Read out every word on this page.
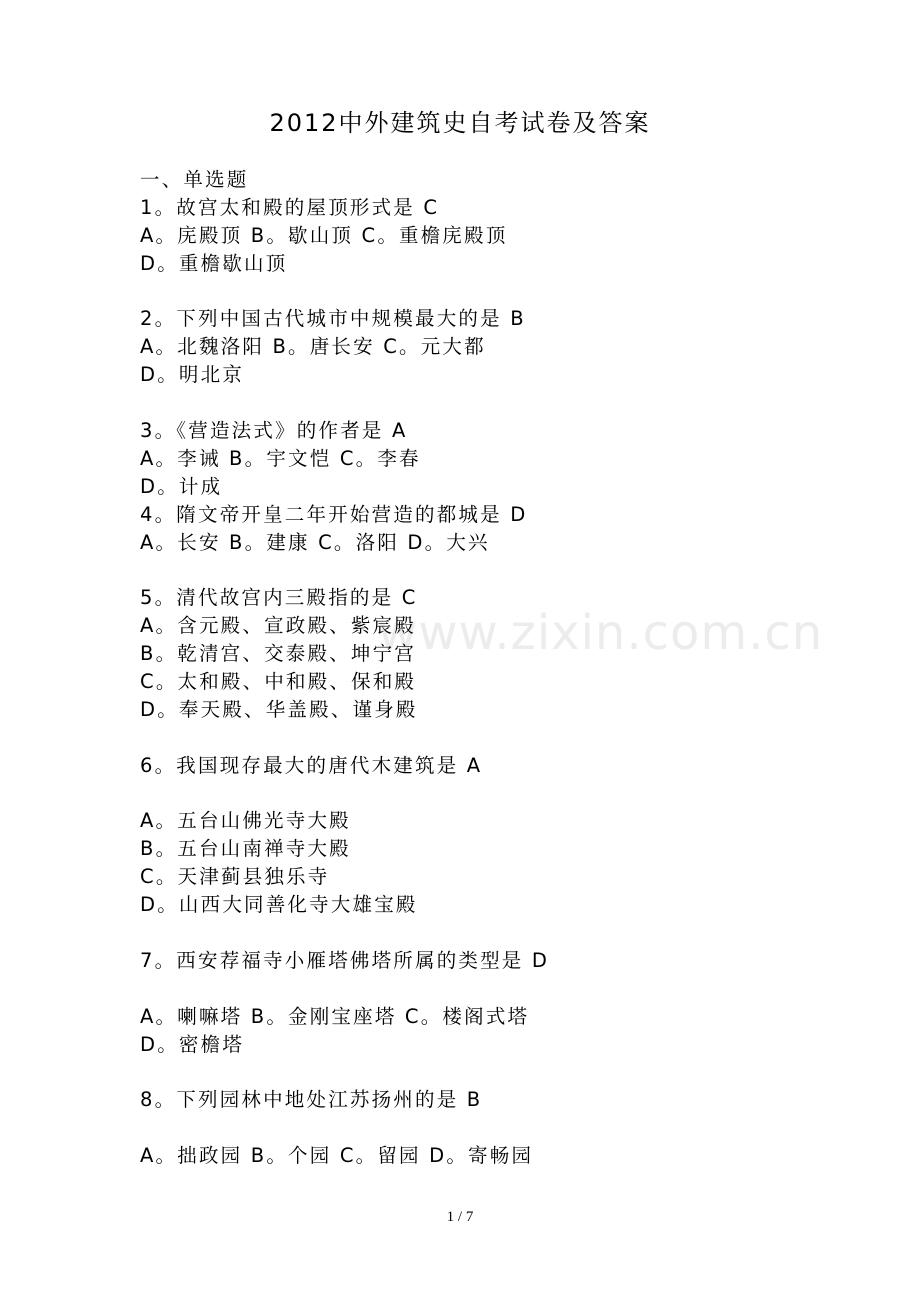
www.zixin.com.cn
2012中外建筑史自考试卷及答案
一、单选题
1。故宫太和殿的屋顶形式是 C
A。庑殿顶 B。歇山顶 C。重檐庑殿顶
D。重檐歇山顶
2。下列中国古代城市中规模最大的是 B
A。北魏洛阳 B。唐长安 C。元大都
D。明北京
3。《营造法式》的作者是 A
A。李诫 B。宇文恺 C。李春
D。计成
4。隋文帝开皇二年开始营造的都城是 D
A。长安 B。建康 C。洛阳 D。大兴
5。清代故宫内三殿指的是 C
A。含元殿、宣政殿、紫宸殿
B。乾清宫、交泰殿、坤宁宫
C。太和殿、中和殿、保和殿
D。奉天殿、华盖殿、谨身殿
6。我国现存最大的唐代木建筑是 A
A。五台山佛光寺大殿
B。五台山南禅寺大殿
C。天津蓟县独乐寺
D。山西大同善化寺大雄宝殿
7。西安荐福寺小雁塔佛塔所属的类型是 D
A。喇嘛塔 B。金刚宝座塔 C。楼阁式塔
D。密檐塔
8。下列园林中地处江苏扬州的是 B
A。拙政园 B。个园 C。留园 D。寄畅园
1 / 7
